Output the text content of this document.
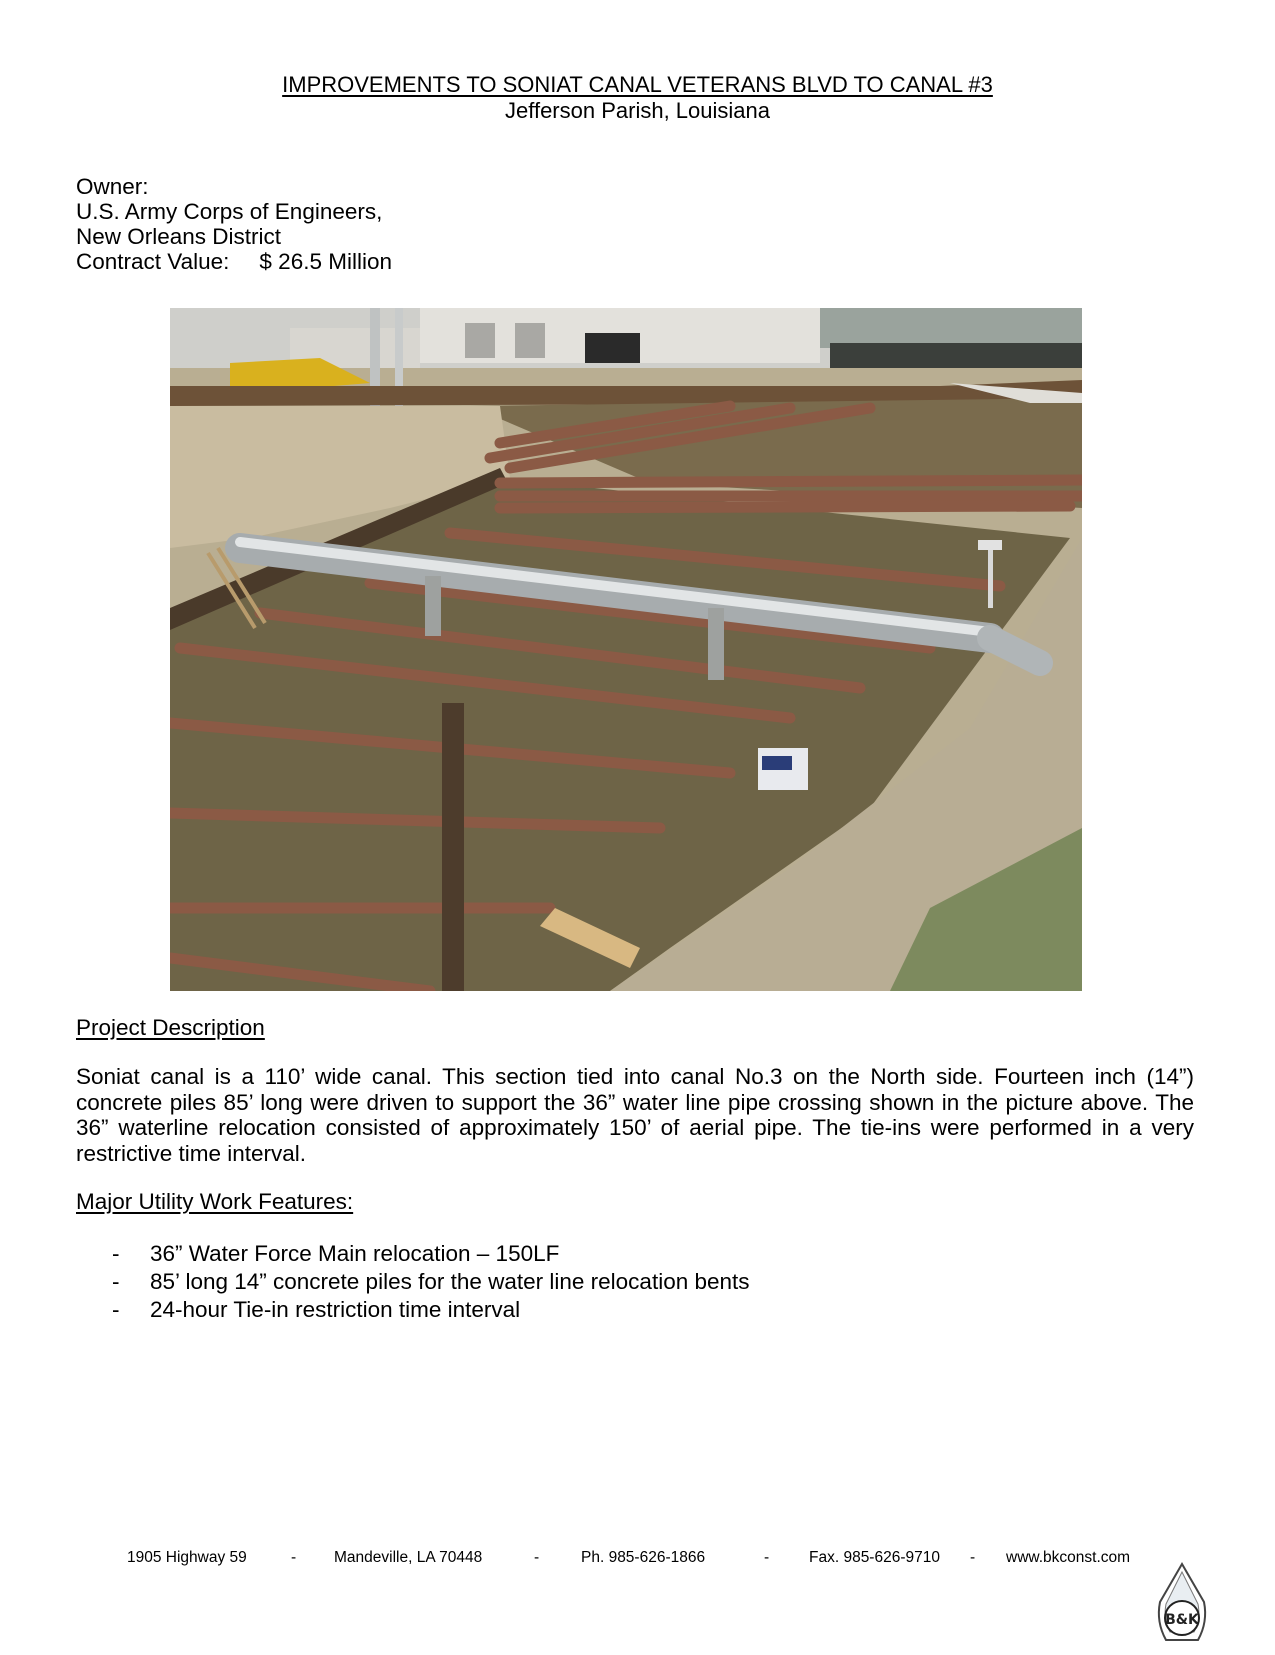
IMPROVEMENTS TO SONIAT CANAL VETERANS BLVD TO CANAL #3
Jefferson Parish, Louisiana
Owner:
U.S. Army Corps of Engineers,
New Orleans District
Contract Value: $ 26.5 Million
Project Description
Soniat canal is a 110’ wide canal. This section tied into canal No.3 on the North side. Fourteen inch (14”) concrete piles 85’ long were driven to support the 36” water line pipe crossing shown in the picture above. The 36” waterline relocation consisted of approximately 150’ of aerial pipe. The tie-ins were performed in a very restrictive time interval.
Major Utility Work Features:
- 36” Water Force Main relocation – 150LF
- 85’ long 14” concrete piles for the water line relocation bents
- 24-hour Tie-in restriction time interval
1905 Highway 59	- Mandeville, LA 70448	-	Ph. 985-626-1866	-	Fax. 985-626-9710 - www.bkconst.com
B&K
